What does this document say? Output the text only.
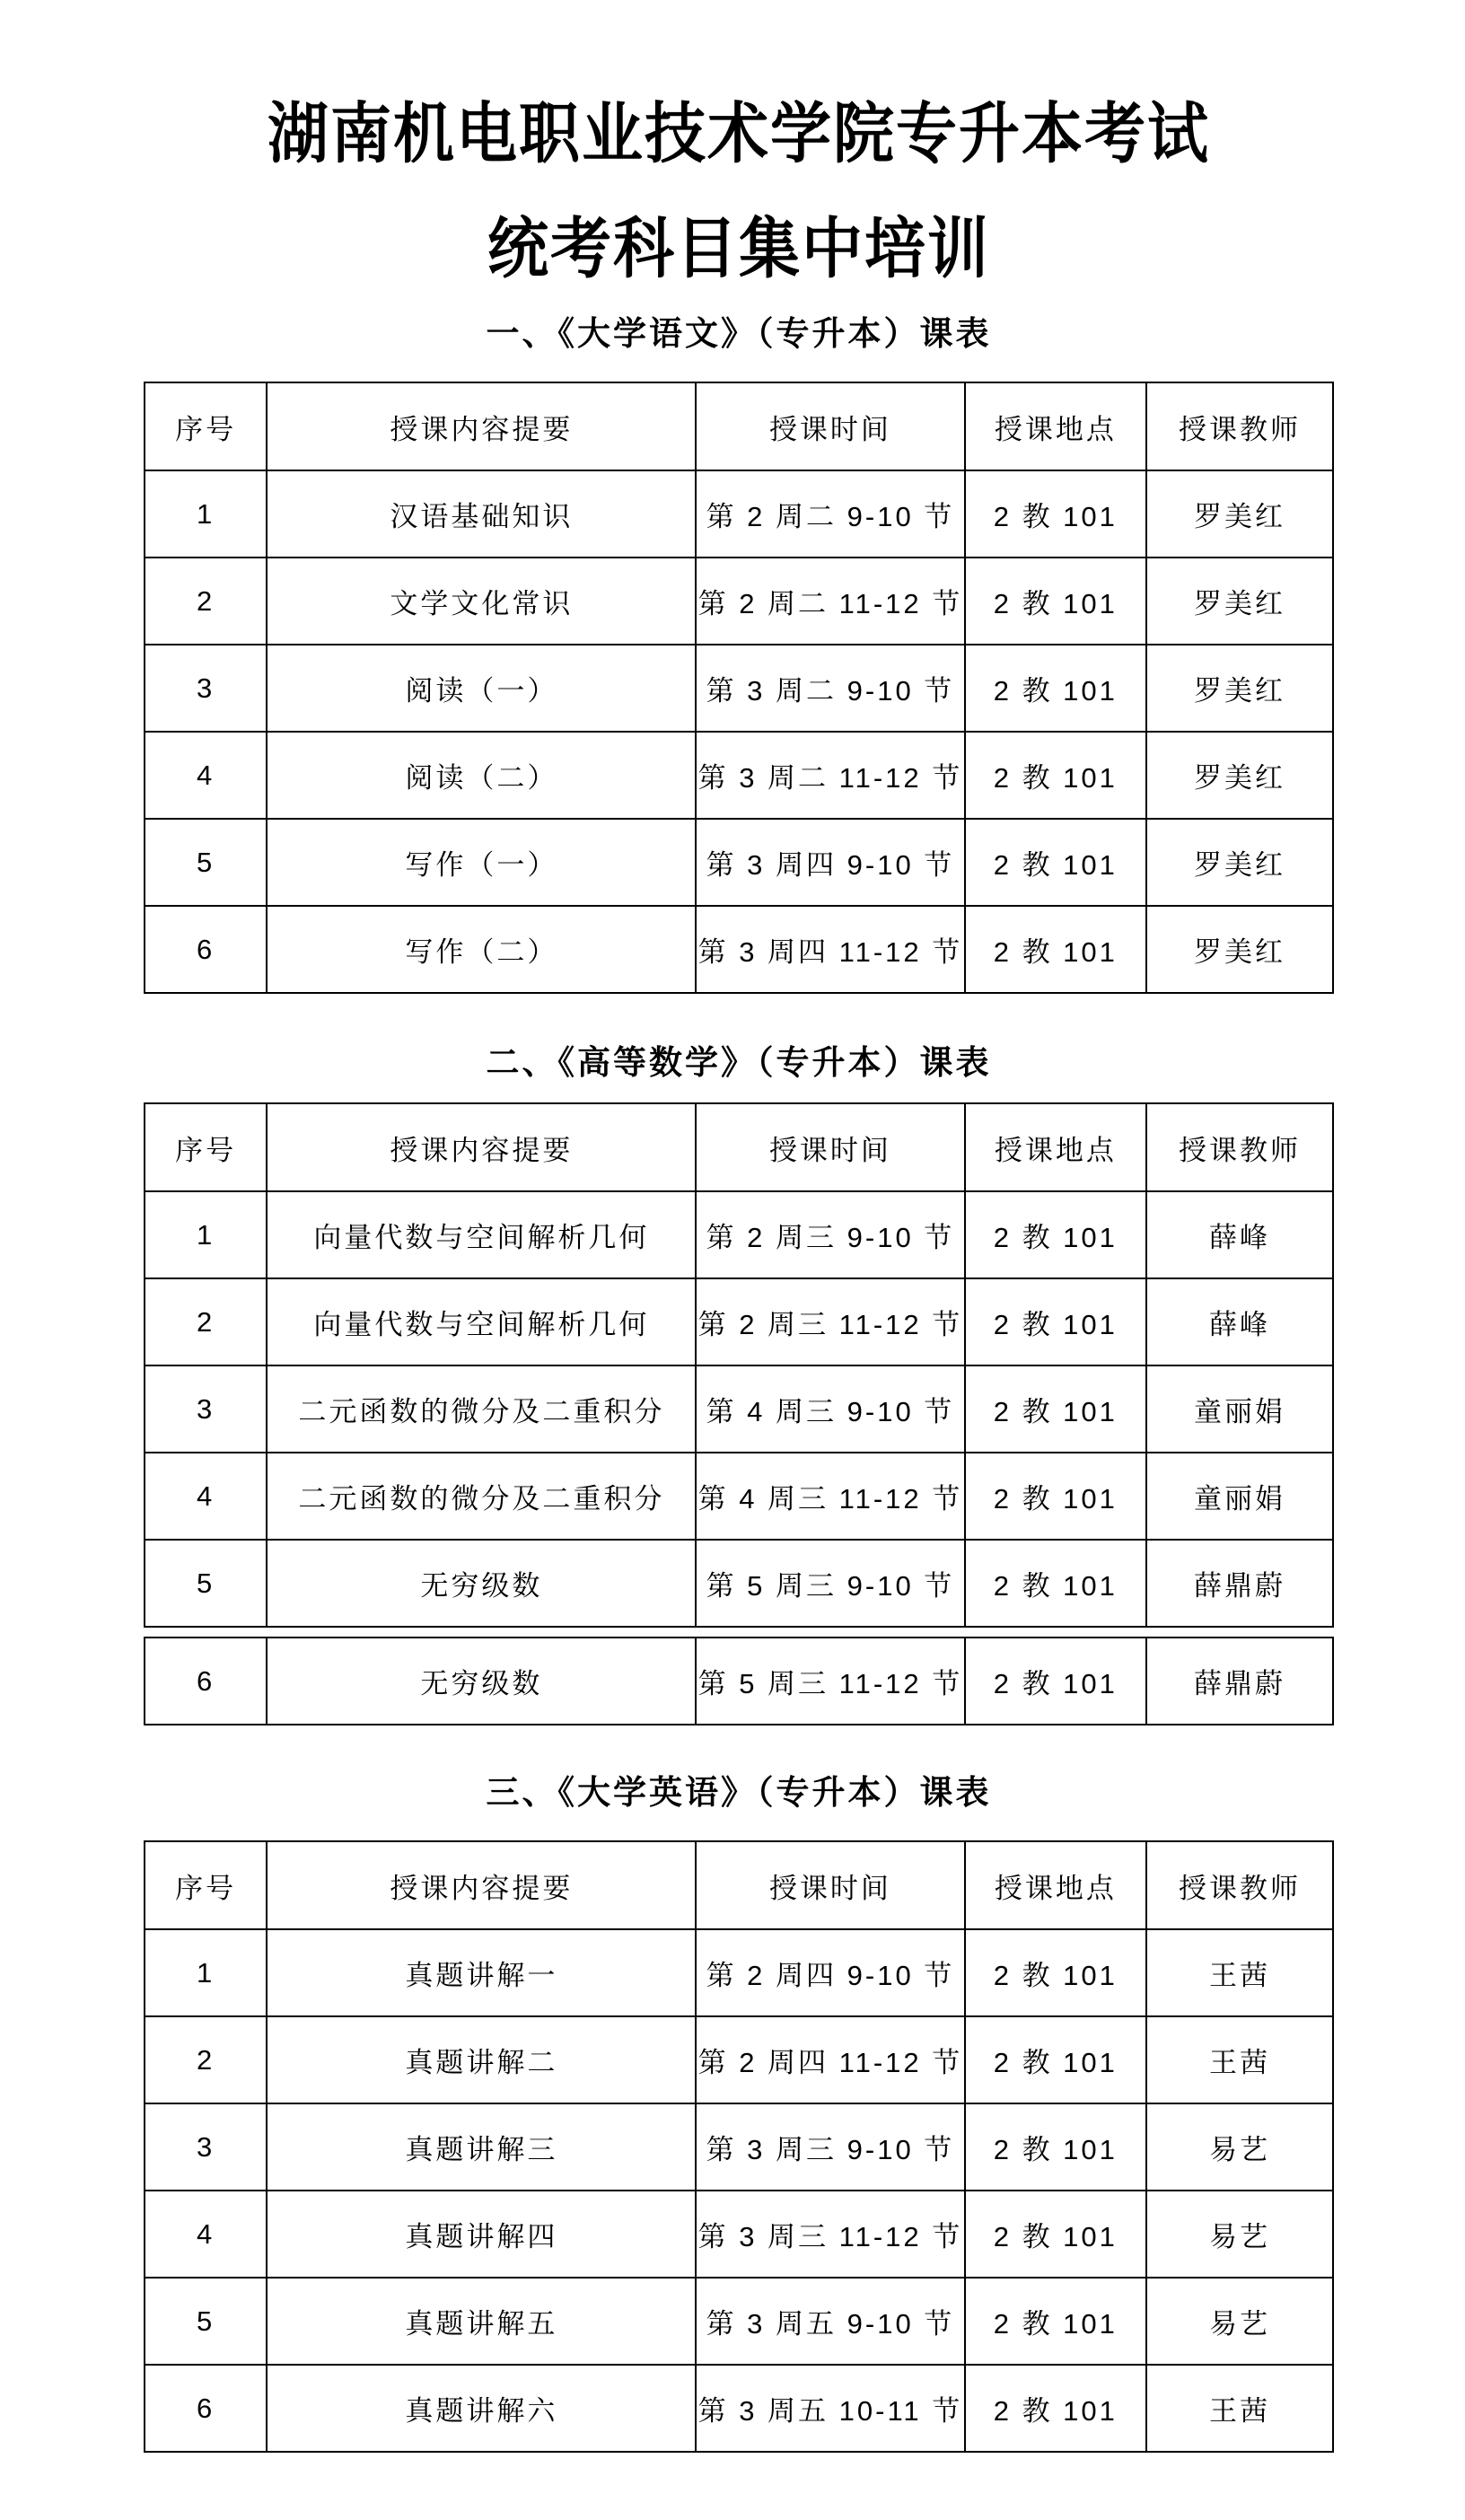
湖南机电职业技术学院专升本考试
统考科目集中培训
一、《大学语文》（专升本）课表
序号	授课内容提要	授课时间	授课地点	授课教师
1	汉语基础知识	第 2 周二 9-10 节	2 教 101	罗美红
2	文学文化常识	第 2 周二 11-12 节	2 教 101	罗美红
3	阅读（一）	第 3 周二 9-10 节	2 教 101	罗美红
4	阅读（二）	第 3 周二 11-12 节	2 教 101	罗美红
5	写作（一）	第 3 周四 9-10 节	2 教 101	罗美红
6	写作（二）	第 3 周四 11-12 节	2 教 101	罗美红
二、《高等数学》（专升本）课表
序号	授课内容提要	授课时间	授课地点	授课教师
1	向量代数与空间解析几何	第 2 周三 9-10 节	2 教 101	薛峰
2	向量代数与空间解析几何	第 2 周三 11-12 节	2 教 101	薛峰
3	二元函数的微分及二重积分	第 4 周三 9-10 节	2 教 101	童丽娟
4	二元函数的微分及二重积分	第 4 周三 11-12 节	2 教 101	童丽娟
5	无穷级数	第 5 周三 9-10 节	2 教 101	薛鼎蔚
6	无穷级数	第 5 周三 11-12 节	2 教 101	薛鼎蔚
三、《大学英语》（专升本）课表
序号	授课内容提要	授课时间	授课地点	授课教师
1	真题讲解一	第 2 周四 9-10 节	2 教 101	王茜
2	真题讲解二	第 2 周四 11-12 节	2 教 101	王茜
3	真题讲解三	第 3 周三 9-10 节	2 教 101	易艺
4	真题讲解四	第 3 周三 11-12 节	2 教 101	易艺
5	真题讲解五	第 3 周五 9-10 节	2 教 101	易艺
6	真题讲解六	第 3 周五 10-11 节	2 教 101	王茜
